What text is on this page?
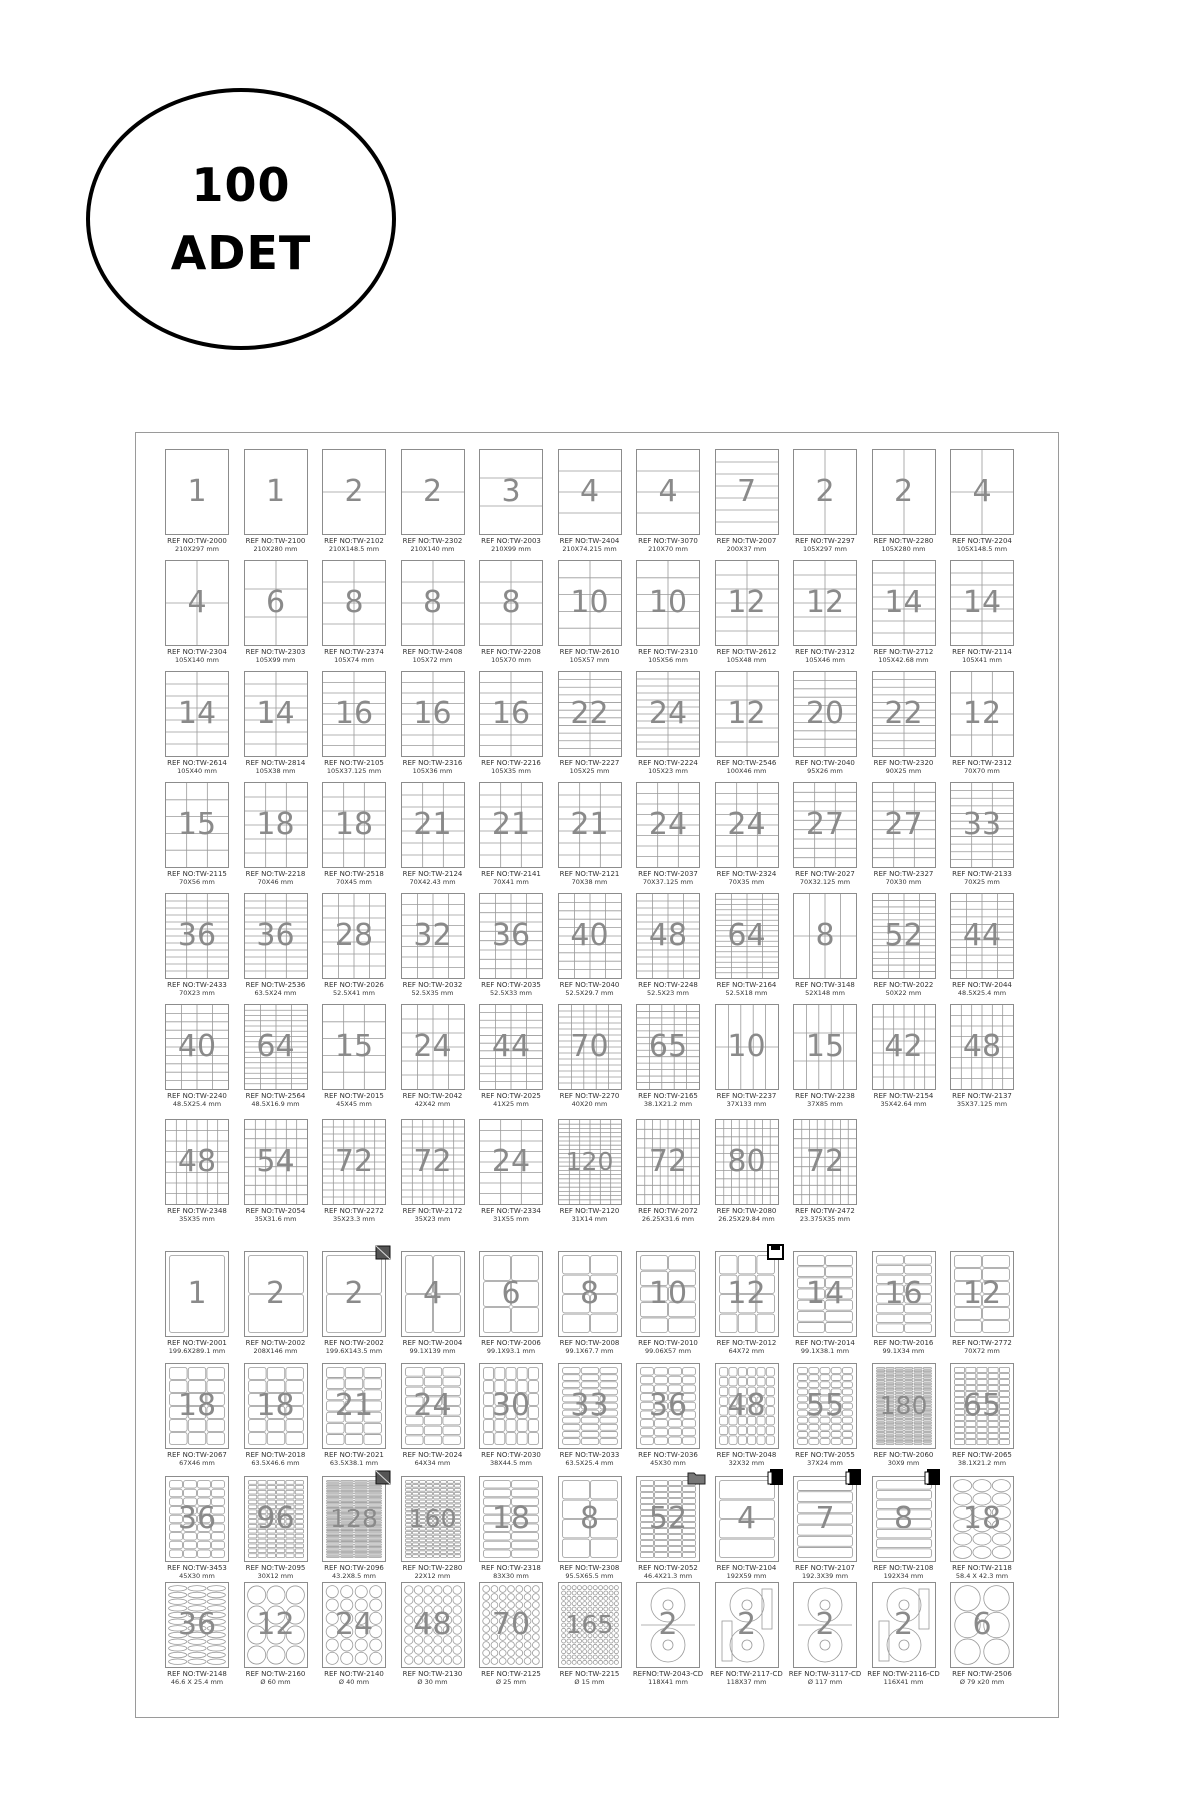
100
ADET
1
REF NO:TW-2000
210X297 mm
1
REF NO:TW-2100
210X280 mm
2
REF NO:TW-2102
210X148.5 mm
2
REF NO:TW-2302
210X140 mm
3
REF NO:TW-2003
210X99 mm
4
REF NO:TW-2404
210X74.215 mm
4
REF NO:TW-3070
210X70 mm
7
REF NO:TW-2007
200X37 mm
2
REF NO:TW-2297
105X297 mm
2
REF NO:TW-2280
105X280 mm
4
REF NO:TW-2204
105X148.5 mm
4
REF NO:TW-2304
105X140 mm
6
REF NO:TW-2303
105X99 mm
8
REF NO:TW-2374
105X74 mm
8
REF NO:TW-2408
105X72 mm
8
REF NO:TW-2208
105X70 mm
10
REF NO:TW-2610
105X57 mm
10
REF NO:TW-2310
105X56 mm
12
REF NO:TW-2612
105X48 mm
12
REF NO:TW-2312
105X46 mm
14
REF NO:TW-2712
105X42.68 mm
14
REF NO:TW-2114
105X41 mm
14
REF NO:TW-2614
105X40 mm
14
REF NO:TW-2814
105X38 mm
16
REF NO:TW-2105
105X37.125 mm
16
REF NO:TW-2316
105X36 mm
16
REF NO:TW-2216
105X35 mm
22
REF NO:TW-2227
105X25 mm
24
REF NO:TW-2224
105X23 mm
12
REF NO:TW-2546
100X46 mm
20
REF NO:TW-2040
95X26 mm
22
REF NO:TW-2320
90X25 mm
12
REF NO:TW-2312
70X70 mm
15
REF NO:TW-2115
70X56 mm
18
REF NO:TW-2218
70X46 mm
18
REF NO:TW-2518
70X45 mm
21
REF NO:TW-2124
70X42.43 mm
21
REF NO:TW-2141
70X41 mm
21
REF NO:TW-2121
70X38 mm
24
REF NO:TW-2037
70X37.125 mm
24
REF NO:TW-2324
70X35 mm
27
REF NO:TW-2027
70X32.125 mm
27
REF NO:TW-2327
70X30 mm
33
REF NO:TW-2133
70X25 mm
36
REF NO:TW-2433
70X23 mm
36
REF NO:TW-2536
63.5X24 mm
28
REF NO:TW-2026
52.5X41 mm
32
REF NO:TW-2032
52.5X35 mm
36
REF NO:TW-2035
52.5X33 mm
40
REF NO:TW-2040
52.5X29.7 mm
48
REF NO:TW-2248
52.5X23 mm
64
REF NO:TW-2164
52.5X18 mm
8
REF NO:TW-3148
52X148 mm
52
REF NO:TW-2022
50X22 mm
44
REF NO:TW-2044
48.5X25.4 mm
40
REF NO:TW-2240
48.5X25.4 mm
64
REF NO:TW-2564
48.5X16.9 mm
15
REF NO:TW-2015
45X45 mm
24
REF NO:TW-2042
42X42 mm
44
REF NO:TW-2025
41X25 mm
70
REF NO:TW-2270
40X20 mm
65
REF NO:TW-2165
38.1X21.2 mm
10
REF NO:TW-2237
37X133 mm
15
REF NO:TW-2238
37X85 mm
42
REF NO:TW-2154
35X42.64 mm
48
REF NO:TW-2137
35X37.125 mm
48
REF NO:TW-2348
35X35 mm
54
REF NO:TW-2054
35X31.6 mm
72
REF NO:TW-2272
35X23.3 mm
72
REF NO:TW-2172
35X23 mm
24
REF NO:TW-2334
31X55 mm
120
REF NO:TW-2120
31X14 mm
72
REF NO:TW-2072
26.25X31.6 mm
80
REF NO:TW-2080
26.25X29.84 mm
72
REF NO:TW-2472
23.375X35 mm
1
REF NO:TW-2001
199.6X289.1 mm
2
REF NO:TW-2002
208X146 mm
2
REF NO:TW-2002
199.6X143.5 mm
4
REF NO:TW-2004
99.1X139 mm
6
REF NO:TW-2006
99.1X93.1 mm
8
REF NO:TW-2008
99.1X67.7 mm
10
REF NO:TW-2010
99.06X57 mm
12
REF NO:TW-2012
64X72 mm
14
REF NO:TW-2014
99.1X38.1 mm
16
REF NO:TW-2016
99.1X34 mm
12
REF NO:TW-2772
70X72 mm
18
REF NO:TW-2067
67X46 mm
18
REF NO:TW-2018
63.5X46.6 mm
21
REF NO:TW-2021
63.5X38.1 mm
24
REF NO:TW-2024
64X34 mm
30
REF NO:TW-2030
38X44.5 mm
33
REF NO:TW-2033
63.5X25.4 mm
36
REF NO:TW-2036
45X30 mm
48
REF NO:TW-2048
32X32 mm
55
REF NO:TW-2055
37X24 mm
180
REF NO:TW-2060
30X9 mm
65
REF NO:TW-2065
38.1X21.2 mm
36
REF NO:TW-3453
45X30 mm
96
REF NO:TW-2095
30X12 mm
128
REF NO:TW-2096
43.2X8.5 mm
160
REF NO:TW-2280
22X12 mm
18
REF NO:TW-2318
83X30 mm
8
REF NO:TW-2308
95.5X65.5 mm
52
REF NO:TW-2052
46.4X21.3 mm
4
REF NO:TW-2104
192X59 mm
7
REF NO:TW-2107
192.3X39 mm
8
REF NO:TW-2108
192X34 mm
18
REF NO:TW-2118
58.4 X 42.3 mm
36
REF NO:TW-2148
46.6 X 25.4 mm
12
REF NO:TW-2160
Ø 60 mm
24
REF NO:TW-2140
Ø 40 mm
48
REF NO:TW-2130
Ø 30 mm
70
REF NO:TW-2125
Ø 25 mm
165
REF NO:TW-2215
Ø 15 mm
2
REFNO:TW-2043-CD
118X41 mm
2
REF NO:TW-2117-CD
118X37 mm
2
REF NO:TW-3117-CD
Ø 117 mm
2
REF NO:TW-2116-CD
116X41 mm
6
REF NO:TW-2506
Ø 79 x20 mm
